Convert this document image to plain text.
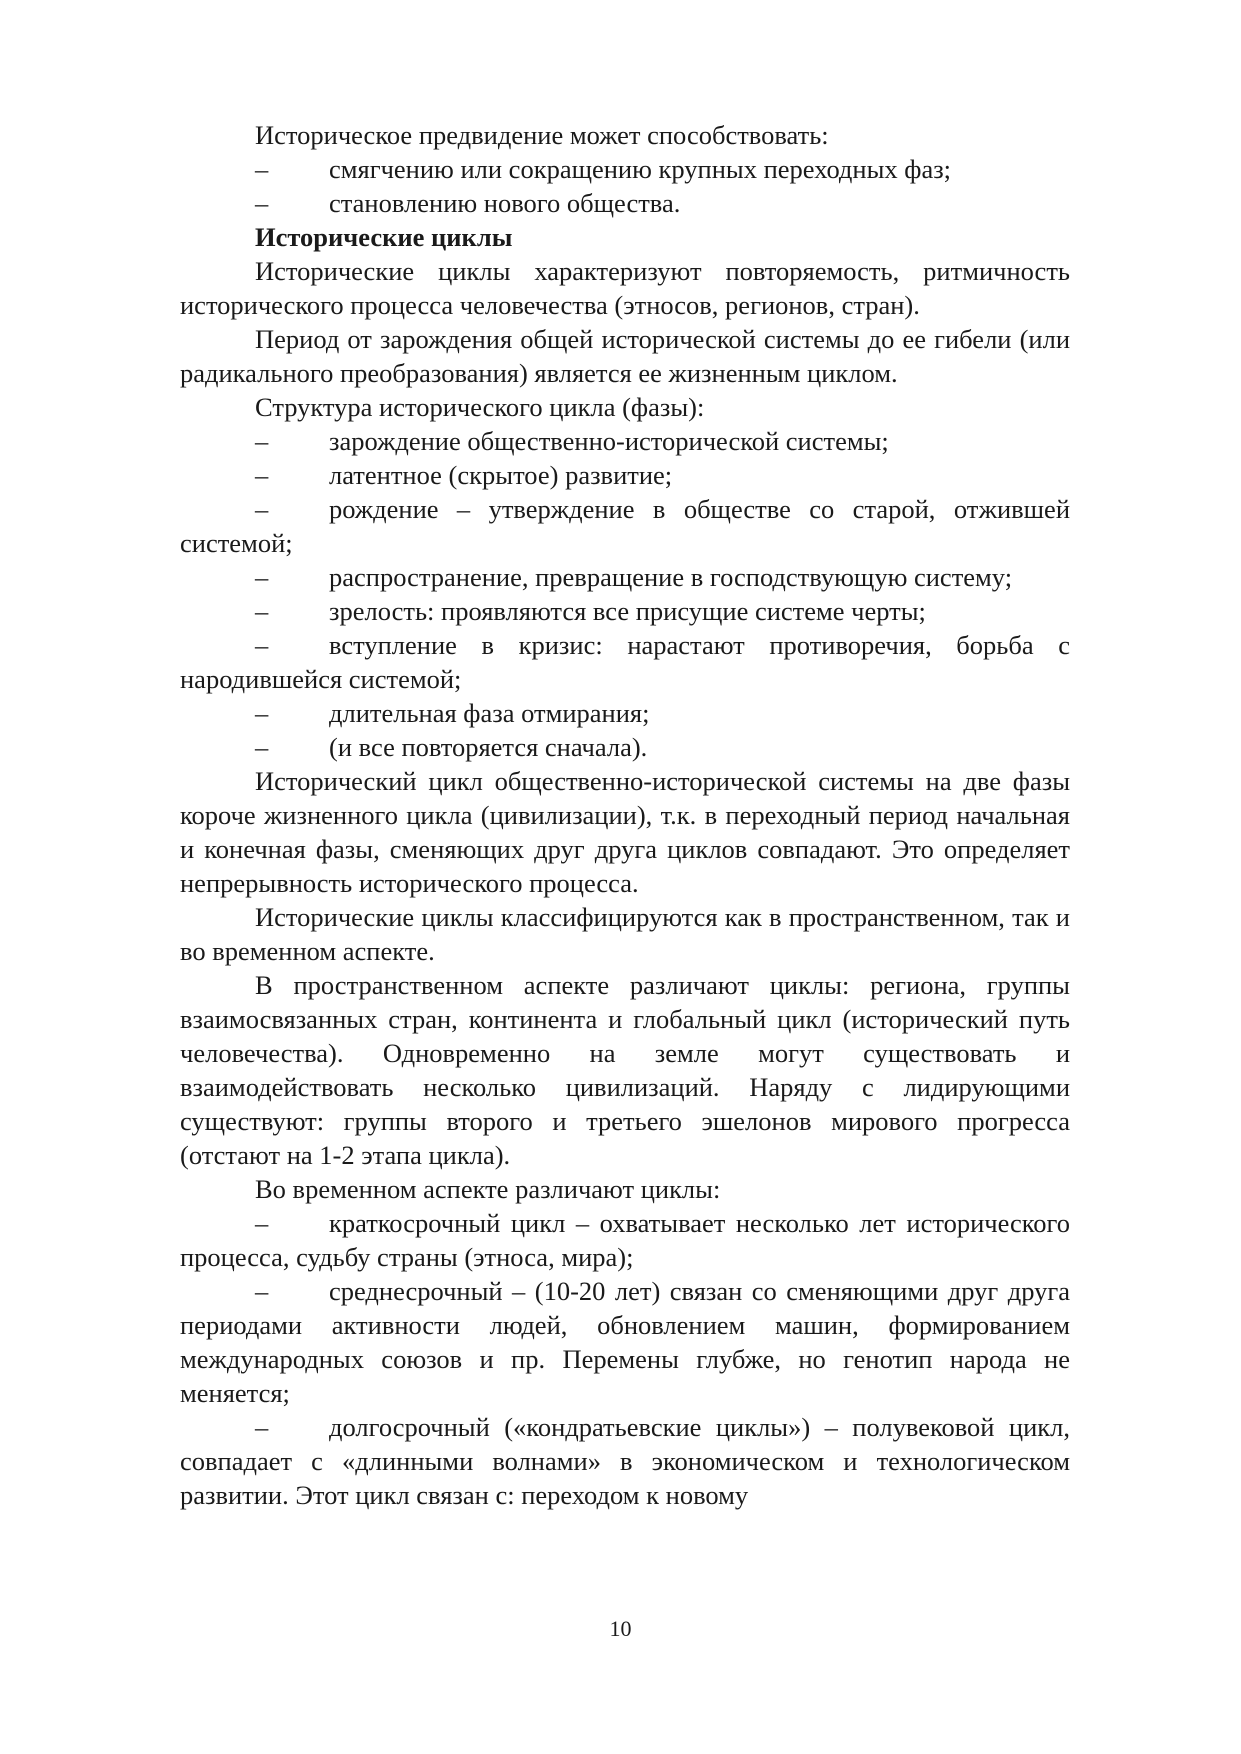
Историческое предвидение может способствовать:

– смягчению или сокращению крупных переходных фаз;

– становлению нового общества.

Исторические циклы

Исторические циклы характеризуют повторяемость, ритмичность исторического процесса человечества (этносов, регионов, стран).

Период от зарождения общей исторической системы до ее гибели (или радикального преобразования) является ее жизненным циклом.

Структура исторического цикла (фазы):

– зарождение общественно-исторической системы;

– латентное (скрытое) развитие;

– рождение – утверждение в обществе со старой, отжившей системой;

– распространение, превращение в господствующую систему;

– зрелость: проявляются все присущие системе черты;

– вступление в кризис: нарастают противоречия, борьба с народившейся системой;

– длительная фаза отмирания;

– (и все повторяется сначала).

Исторический цикл общественно-исторической системы на две фазы короче жизненного цикла (цивилизации), т.к. в переходный период начальная и конечная фазы, сменяющих друг друга циклов совпадают. Это определяет непрерывность исторического процесса.

Исторические циклы классифицируются как в пространственном, так и во временном аспекте.

В пространственном аспекте различают циклы: региона, группы взаимосвязанных стран, континента и глобальный цикл (исторический путь человечества). Одновременно на земле могут существовать и взаимодействовать несколько цивилизаций. Наряду с лидирующими существуют: группы второго и третьего эшелонов мирового прогресса (отстают на 1-2 этапа цикла).

Во временном аспекте различают циклы:

– краткосрочный цикл – охватывает несколько лет исторического процесса, судьбу страны (этноса, мира);

– среднесрочный – (10-20 лет) связан со сменяющими друг друга периодами активности людей, обновлением машин, формированием международных союзов и пр. Перемены глубже, но генотип народа не меняется;

– долгосрочный («кондратьевские циклы») – полувековой цикл, совпадает с «длинными волнами» в экономическом и технологическом развитии. Этот цикл связан с: переходом к новому

10
